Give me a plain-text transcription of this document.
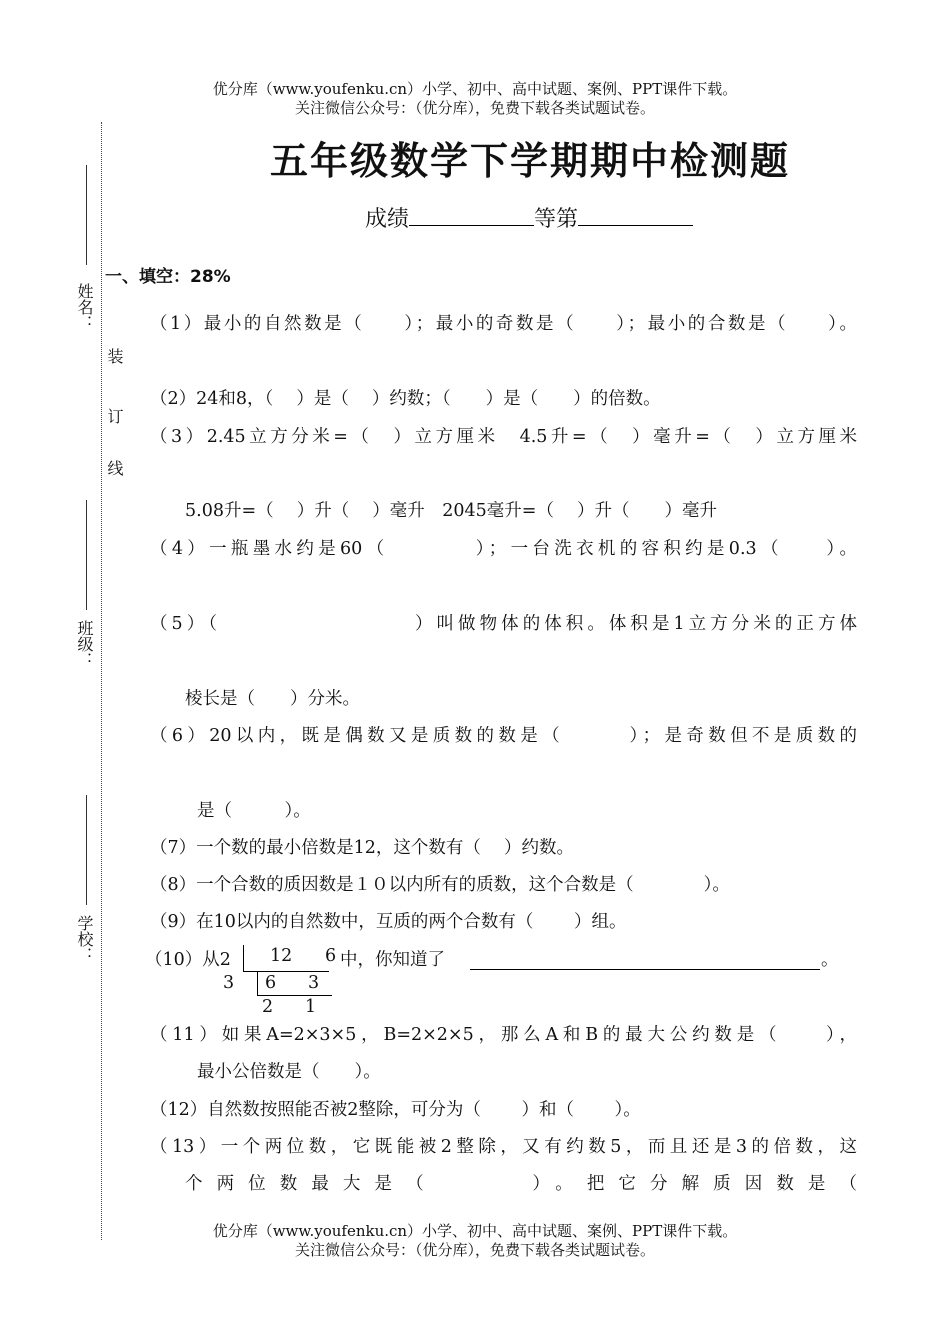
优分库（www.youfenku.cn）小学、初中、高中试题、案例、PPT课件下载。
关注微信公众号：（优分库），免费下载各类试题试卷。
姓名：
装
订
线
班级：
学校：
五年级数学下学期期中检测题
成绩	等第
一、填空：28%
（1）最小的自然数是（　　）；最小的奇数是（　　）；最小的合数是（　　）。
（2）24和8，（　 ）是（　 ）约数；（　　）是（　　）的倍数。
（3）2.45立方分米=（　）立方厘米　4.5升=（　）毫升=（　）立方厘米
5.08升=（　 ）升（　 ）毫升　2045毫升=（　 ）升（　　）毫升
（4）一瓶墨水约是60（　　　　）；一台洗衣机的容积约是0.3（　　）。
（5）（　　　　　　　　　）叫做物体的体积。体积是1立方分米的正方体
棱长是（　　）分米。
（6）20以内，既是偶数又是质数的数是（　　　）；是奇数但不是质数的
是（　　　）。
（7）一个数的最小倍数是12，这个数有（　 ）约数。
（8）一个合数的质因数是１０以内所有的质数，这个合数是（　　　　）。
（9）在10以内的自然数中，互质的两个合数有（　　 ）组。
（10）从2 12 6 中，你知道了	。
3 6 3
2 1
（11）如果A=2×3×5，B=2×2×5，那么A和B的最大公约数是（　　），
最小公倍数是（　　）。
（12）自然数按照能否被2整除，可分为（　　 ）和（　　 ）。
（13）一个两位数，它既能被2整除，又有约数5，而且还是3的倍数，这
个两位数最大是（　　　）。把它分解质因数是（
优分库（www.youfenku.cn）小学、初中、高中试题、案例、PPT课件下载。
关注微信公众号：（优分库），免费下载各类试题试卷。
